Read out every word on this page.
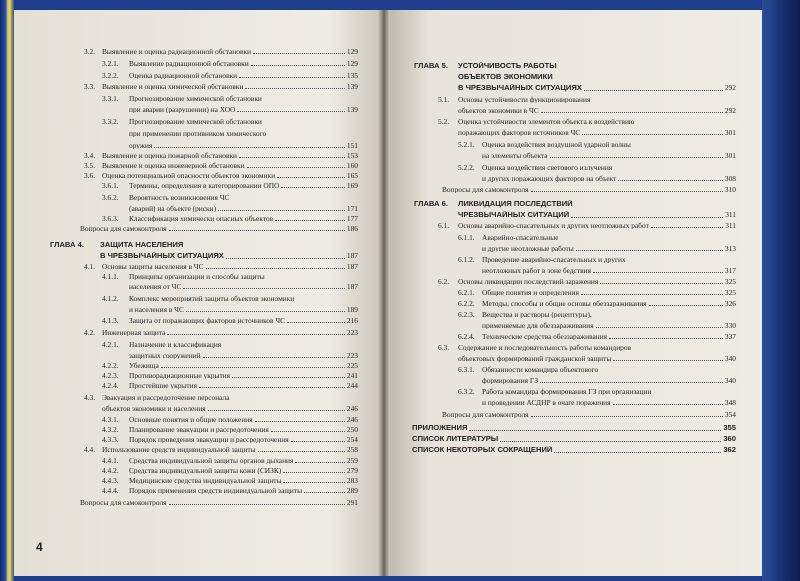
3.2. Выявление и оценка радиационной обстановки	129
3.2.1. Выявление радиационной обстановки	129
3.2.2. Оценка радиационной обстановки	135
3.3. Выявление и оценка химической обстановки	139
3.3.1. Прогнозирование химической обстановки
при аварии (разрушении) на ХОО	139
3.3.2. Прогнозирование химической обстановки
при применении противником химического
оружия	151
3.4. Выявление и оценка пожарной обстановки	153
3.5. Выявление и оценка инженерной обстановки	160
3.6. Оценка потенциальной опасности объектов экономики	165
3.6.1. Термины, определения в категорировании ОПО	169
3.6.2. Вероятность возникновения ЧС
(аварий) на объекте (риски)	171
3.6.3. Классификация химически опасных объектов	177
Вопросы для самоконтроля	186
ГЛАВА 4. ЗАЩИТА НАСЕЛЕНИЯ
В ЧРЕЗВЫЧАЙНЫХ СИТУАЦИЯХ	187
4.1. Основы защиты населения в ЧС	187
4.1.1. Принципы организации и способы защиты
населения от ЧС	187
4.1.2. Комплекс мероприятий защиты объектов экономики
и населения в ЧС	189
4.1.3. Защита от поражающих факторов источников ЧС	216
4.2. Инженерная защита	223
4.2.1. Назначение и классификация
защитных сооружений	223
4.2.2. Убежища	225
4.2.3. Противорадиационные укрытия	241
4.2.4. Простейшие укрытия	244
4.3. Эвакуация и рассредоточение персонала
объектов экономики и населения	246
4.3.1. Основные понятия и общие положения	246
4.3.2. Планирование эвакуации и рассредоточения	250
4.3.3. Порядок проведения эвакуации и рассредоточения	254
4.4. Использование средств индивидуальной защиты	258
4.4.1. Средства индивидуальной защиты органов дыхания	259
4.4.2. Средства индивидуальной защиты кожи (СИЗК)	279
4.4.3. Медицинские средства индивидуальной защиты	283
4.4.4. Порядок применения средств индивидуальной защиты	289
Вопросы для самоконтроля	291
4
ГЛАВА 5. УСТОЙЧИВОСТЬ РАБОТЫ
ОБЪЕКТОВ ЭКОНОМИКИ
В ЧРЕЗВЫЧАЙНЫХ СИТУАЦИЯХ	292
5.1. Основы устойчивости функционирования
объектов экономики в ЧС	292
5.2. Оценка устойчивости элементов объекта к воздействию
поражающих факторов источников ЧС	301
5.2.1. Оценка воздействия воздушной ударной волны
на элементы объекта	301
5.2.2. Оценка воздействия светового излучения
и других поражающих факторов на объект	308
Вопросы для самоконтроля	310
ГЛАВА 6. ЛИКВИДАЦИЯ ПОСЛЕДСТВИЙ
ЧРЕЗВЫЧАЙНЫХ СИТУАЦИЙ	311
6.1. Основы аварийно-спасательных и других неотложных работ	311
6.1.1. Аварийно-спасательные
и другие неотложные работы	313
6.1.2. Проведение аварийно-спасательных и других
неотложных работ в зоне бедствия	317
6.2. Основы ликвидации последствий заражения	325
6.2.1. Общие понятия и определения	325
6.2.2. Методы, способы и общие основы обеззараживания	326
6.2.3. Вещества и растворы (рецептуры),
применяемые для обеззараживания	330
6.2.4. Технические средства обеззараживания	337
6.3. Содержание и последовательность работы командиров
объектовых формирований гражданской защиты	340
6.3.1. Обязанности командира объектового
формирования ГЗ	340
6.3.2. Работа командира формирования ГЗ при организации
и проведении АСДНР в очаге поражения	348
Вопросы для самоконтроля	354
ПРИЛОЖЕНИЯ	355
СПИСОК ЛИТЕРАТУРЫ	360
СПИСОК НЕКОТОРЫХ СОКРАЩЕНИЙ	362
